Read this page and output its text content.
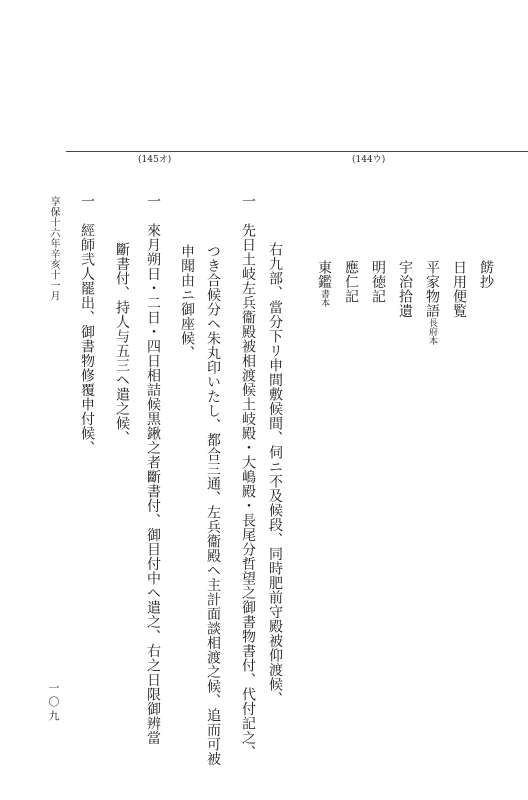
(145オ)	(144ウ)
餝抄
日用便覧
平家物語長府本
宇治拾遺
明徳記
應仁記
東鑑書本
右九部、當分下リ申間敷候間、伺ニ不及候段、同時肥前守殿被仰渡候、
一　先日土岐左兵衞殿被相渡候土岐殿・大嶋殿・長尾分哲望之御書物書付、代付記之、
つき合候分ヘ朱丸印いたし、都合三通、左兵衞殿ヘ主計面談相渡之候、追而可被
申聞由ニ御座候、
一　來月朔日・二日・四日相詰候黒鍬之者斷書付、御目付中ヘ遣之、右之日限御辨當
斷書付、持人与五三ヘ遣之候、
一　經師弐人罷出、御書物修覆申付候、
享保十六年辛亥十一月
一〇九
